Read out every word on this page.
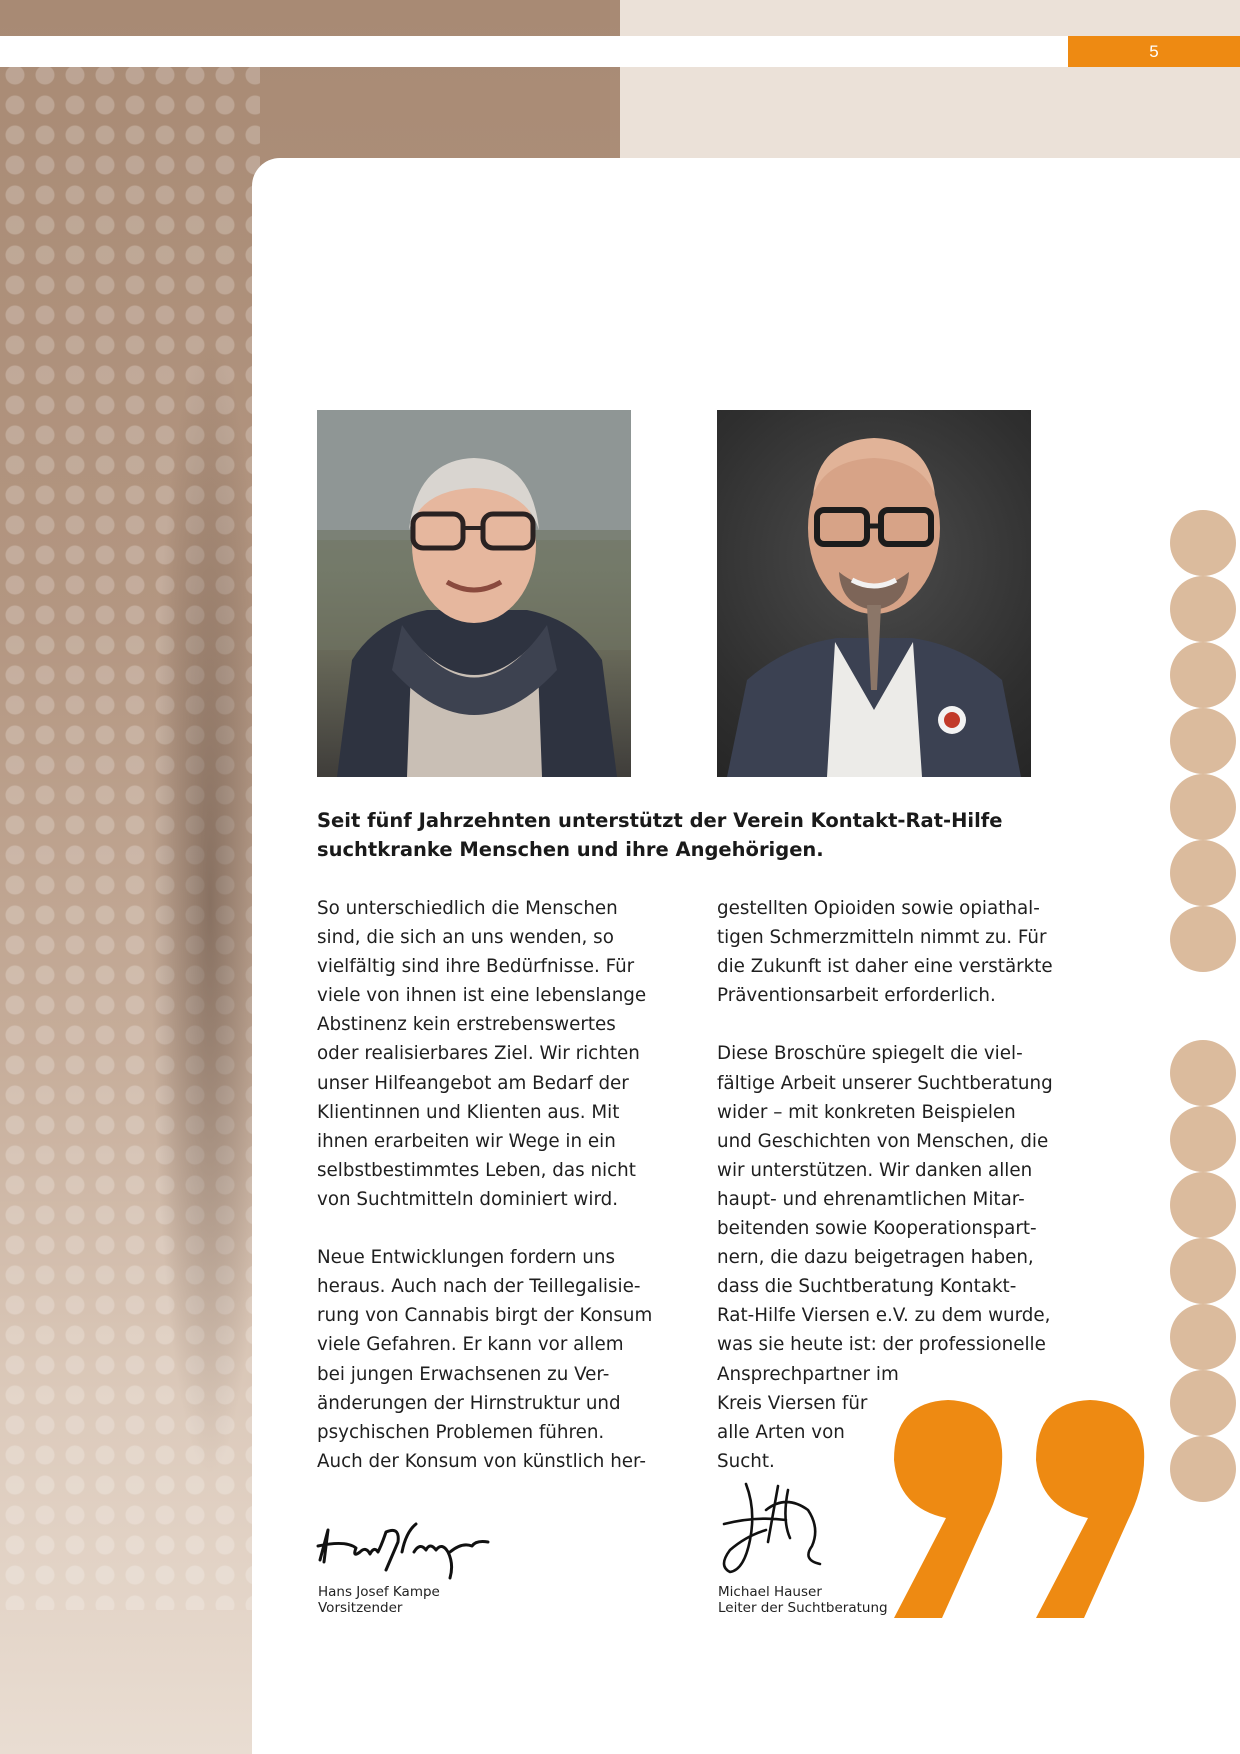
5
Seit fünf Jahrzehnten unterstützt der Verein Kontakt-Rat-Hilfe
suchtkranke Menschen und ihre Angehörigen.
So unterschiedlich die Menschen
sind, die sich an uns wenden, so
vielfältig sind ihre Bedürfnisse. Für
viele von ihnen ist eine lebenslange
Abstinenz kein erstrebenswertes
oder realisierbares Ziel. Wir richten
unser Hilfeangebot am Bedarf der
Klientinnen und Klienten aus. Mit
ihnen erarbeiten wir Wege in ein
selbstbestimmtes Leben, das nicht
von Suchtmitteln dominiert wird.
Neue Entwicklungen fordern uns
heraus. Auch nach der Teillegalisie-
rung von Cannabis birgt der Konsum
viele Gefahren. Er kann vor allem
bei jungen Erwachsenen zu Ver-
änderungen der Hirnstruktur und
psychischen Problemen führen.
Auch der Konsum von künstlich her-
gestellten Opioiden sowie opiathal-
tigen Schmerzmitteln nimmt zu. Für
die Zukunft ist daher eine verstärkte
Präventionsarbeit erforderlich.
Diese Broschüre spiegelt die viel-
fältige Arbeit unserer Suchtberatung
wider – mit konkreten Beispielen
und Geschichten von Menschen, die
wir unterstützen. Wir danken allen
haupt- und ehrenamtlichen Mitar-
beitenden sowie Kooperationspart-
nern, die dazu beigetragen haben,
dass die Suchtberatung Kontakt-
Rat-Hilfe Viersen e.V. zu dem wurde,
was sie heute ist: der professionelle
Ansprechpartner im
Kreis Viersen für
alle Arten von
Sucht.
Hans Josef Kampe
Vorsitzender
Michael Hauser
Leiter der Suchtberatung
